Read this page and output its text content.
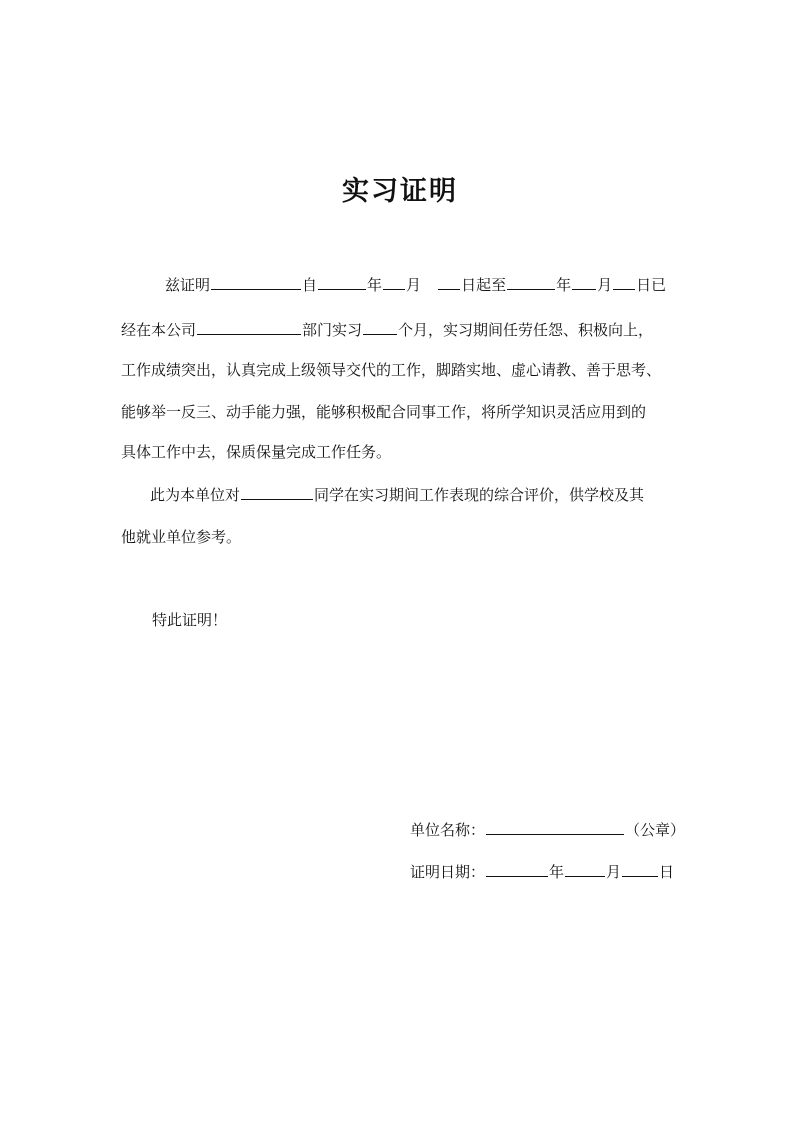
实习证明
兹证明	自	年 月	日起至	年 月 日已
经在本公司	部门实习 个月，实习期间任劳任怨、积极向上，
工作成绩突出，认真完成上级领导交代的工作，脚踏实地、虚心请教、善于思考、
能够举一反三、动手能力强，能够积极配合同事工作，将所学知识灵活应用到的
具体工作中去，保质保量完成工作任务。
此为本单位对	同学在实习期间工作表现的综合评价，供学校及其
他就业单位参考。
特此证明！
单位名称：	（公章）
证明日期：	年	月	日
